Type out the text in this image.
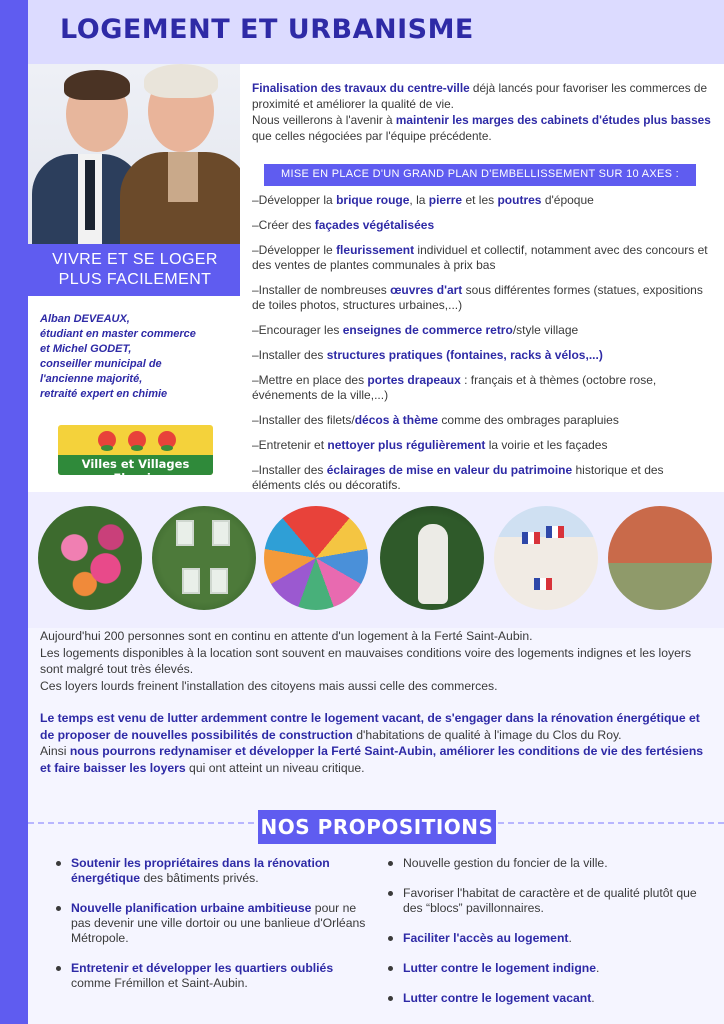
LOGEMENT ET URBANISME
VIVRE ET SE LOGER
PLUS FACILEMENT
Alban DEVEAUX,
étudiant en master commerce
et Michel GODET,
conseiller municipal de
l'ancienne majorité,
retraité expert en chimie
Villes et Villages Fleuris
Finalisation des travaux du centre-ville déjà lancés pour favoriser les commerces de proximité et améliorer la qualité de vie.
Nous veillerons à l'avenir à maintenir les marges des cabinets d'études plus basses que celles négociées par l'équipe précédente.
MISE EN PLACE D'UN GRAND PLAN D'EMBELLISSEMENT SUR 10 AXES :
–Développer la brique rouge, la pierre et les poutres d'époque
–Créer des façades végétalisées
–Développer le fleurissement individuel et collectif, notamment avec des concours et des ventes de plantes communales à prix bas
–Installer de nombreuses œuvres d'art sous différentes formes (statues, expositions de toiles photos, structures urbaines,...)
–Encourager les enseignes de commerce retro/style village
–Installer des structures pratiques (fontaines, racks à vélos,...)
–Mettre en place des portes drapeaux : français et à thèmes (octobre rose, événements de la ville,...)
–Installer des filets/décos à thème comme des ombrages parapluies
–Entretenir et nettoyer plus régulièrement la voirie et les façades
–Installer des éclairages de mise en valeur du patrimoine historique et des éléments clés ou décoratifs.

Aujourd'hui 200 personnes sont en continu en attente d'un logement à la Ferté Saint-Aubin.

Les logements disponibles à la location sont souvent en mauvaises conditions voire des logements indignes et les loyers sont malgré tout très élevés.

Ces loyers lourds freinent l'installation des citoyens mais aussi celle des commerces.

Le temps est venu de lutter ardemment contre le logement vacant, de s'engager dans la rénovation énergétique et de proposer de nouvelles possibilités de construction d'habitations de qualité à l'image du Clos du Roy.

Ainsi nous pourrons redynamiser et développer la Ferté Saint-Aubin, améliorer les conditions de vie des fertésiens et faire baisser les loyers qui ont atteint un niveau critique.

NOS PROPOSITIONS
Soutenir les propriétaires dans la rénovation énergétique des bâtiments privés.
Nouvelle planification urbaine ambitieuse pour ne pas devenir une ville dortoir ou une banlieue d'Orléans Métropole.
Entretenir et développer les quartiers oubliés comme Frémillon et Saint-Aubin.
Nouvelle gestion du foncier de la ville.
Favoriser l'habitat de caractère et de qualité plutôt que des “blocs” pavillonnaires.
Faciliter l'accès au logement.
Lutter contre le logement indigne.
Lutter contre le logement vacant.
